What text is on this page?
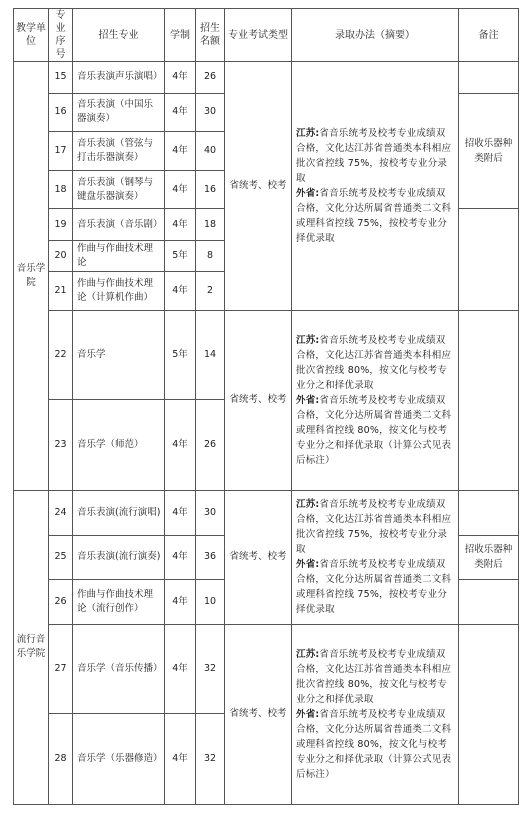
教学单位	专业序号	招生专业	学制	招生名额	专业考试类型	录取办法（摘要）	备注
音乐学院	15	音乐表演声乐演唱）	4年	26	省统考、校考	江苏:省音乐统考及校考专业成绩双合格，文化达江苏省普通类本科相应批次省控线 75%，按校考专业分录取
外省:省音乐统考及校考专业成绩双合格，文化分达所属省普通类二文科或理科省控线 75%，按校考专业分择优录取	
	16	音乐表演（中国乐器演奏）	4年	30			招收乐器种类附后
	17	音乐表演（管弦与打击乐器演奏）	4年	40			
	18	音乐表演（钢琴与键盘乐器演奏）	4年	16			
	19	音乐表演（音乐剧）	4年	18			
	20	作曲与作曲技术理论	5年	8			
	21	作曲与作曲技术理论（计算机作曲）	4年	2			
	22	音乐学	5年	14	省统考、校考	江苏:省音乐统考及校考专业成绩双合格，文化达江苏省普通类本科相应批次省控线 80%，按文化与校考专业分之和择优录取
外省:省音乐统考及校考专业成绩双合格，文化分达所属省普通类二文科或理科省控线 80%，按文化与校考专业分之和择优录取（计算公式见表后标注）	
	23	音乐学（师范）	4年	26			
流行音乐学院	24	音乐表演(流行演唱)	4年	30	省统考、校考	江苏:省音乐统考及校考专业成绩双合格，文化达江苏省普通类本科相应批次省控线 75%，按校考专业分录取
外省:省音乐统考及校考专业成绩双合格，文化分达所属省普通类二文科或理科省控线 75%，按校考专业分择优录取	
	25	音乐表演(流行演奏)	4年	36			招收乐器种类附后
	26	作曲与作曲技术理论（流行创作）	4年	10			
	27	音乐学（音乐传播）	4年	32	省统考、校考	江苏:省音乐统考及校考专业成绩双合格，文化达江苏省普通类本科相应批次省控线 80%，按文化与校考专业分之和择优录取
外省:省音乐统考及校考专业成绩双合格，文化分达所属省普通类二文科或理科省控线 80%，按文化与校考专业分之和择优录取（计算公式见表后标注）	
	28	音乐学（乐器修造）	4年	32			
